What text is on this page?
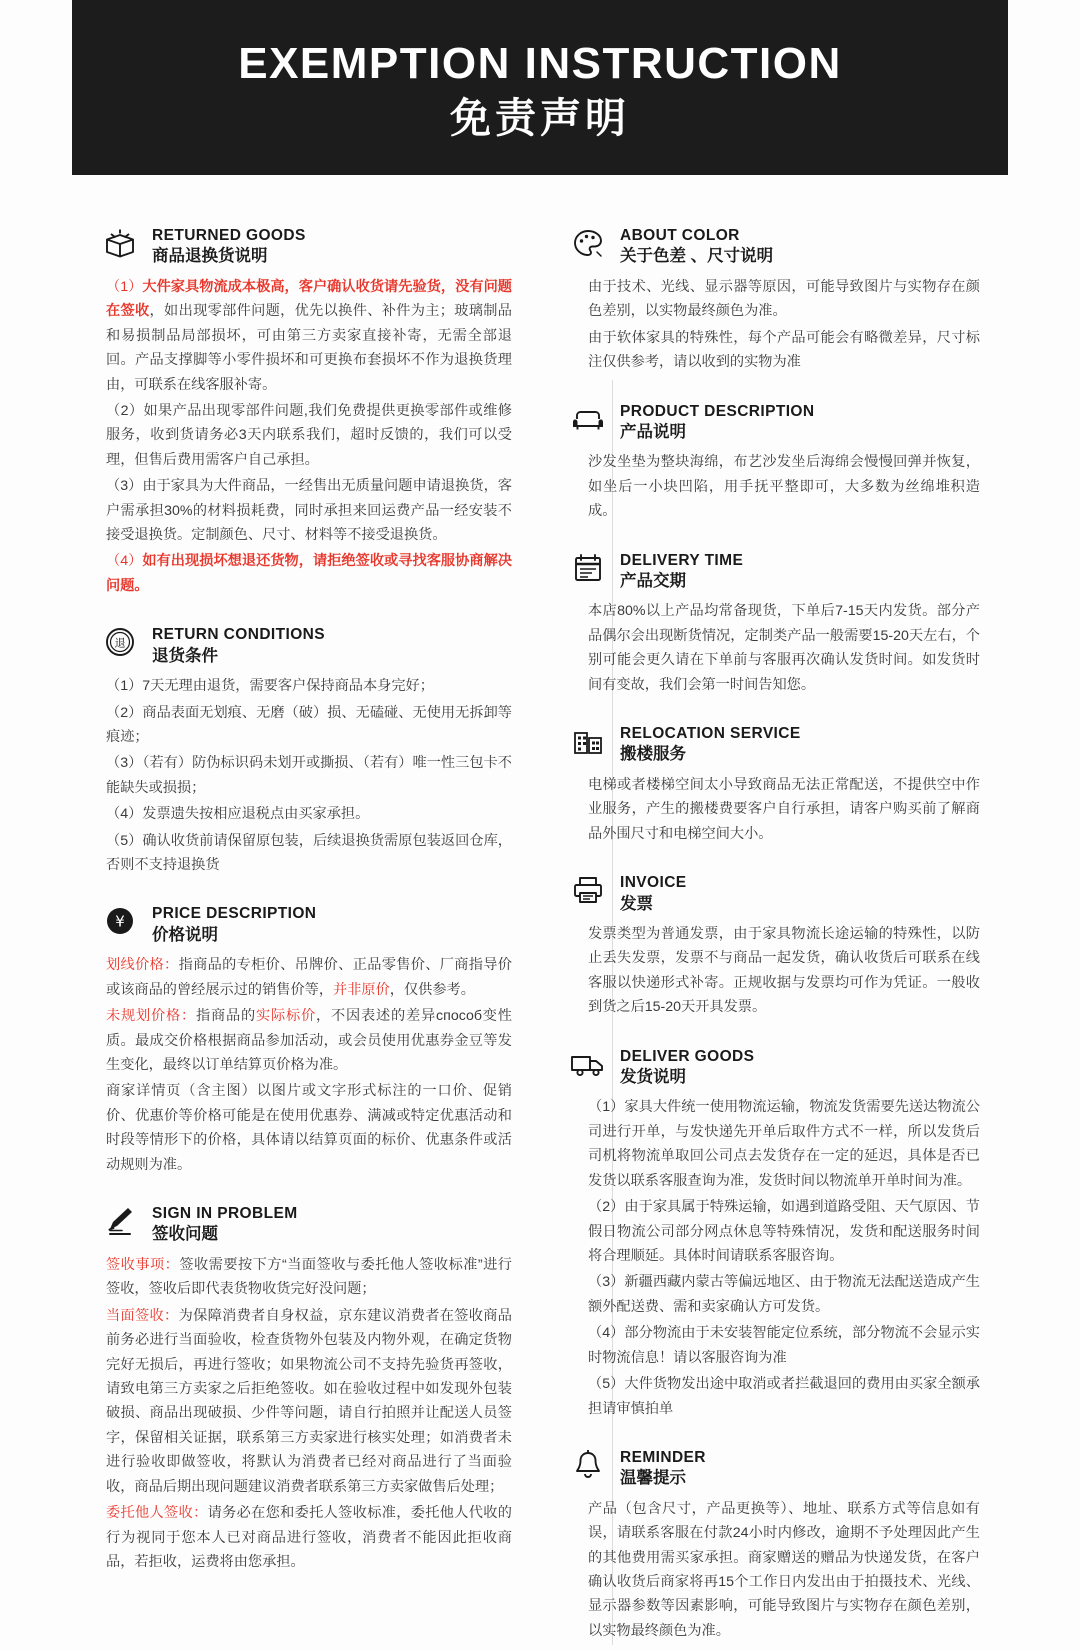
EXEMPTION INSTRUCTION
免责声明
RETURNED GOODS
商品退换货说明

（1）大件家具物流成本极高，客户确认收货请先验货，没有问题在签收，如出现零部件问题，优先以换件、补件为主；玻璃制品和易损制品局部损坏，可由第三方卖家直接补寄，无需全部退回。产品支撑脚等小零件损坏和可更换布套损坏不作为退换货理由，可联系在线客服补寄。

（2）如果产品出现零部件问题,我们免费提供更换零部件或维修服务，收到货请务必3天内联系我们，超时反馈的，我们可以受理，但售后费用需客户自己承担。

（3）由于家具为大件商品，一经售出无质量问题申请退换货，客户需承担30%的材料损耗费，同时承担来回运费产品一经安装不接受退换货。定制颜色、尺寸、材料等不接受退换货。

（4）如有出现损坏想退还货物，请拒绝签收或寻找客服协商解决问题。

退 RETURN CONDITIONS
退货条件

（1）7天无理由退货，需要客户保持商品本身完好；

（2）商品表面无划痕、无磨（破）损、无磕碰、无使用无拆卸等痕迹；

（3）（若有）防伪标识码未划开或撕损、（若有）唯一性三包卡不能缺失或损损；

（4）发票遗失按相应退税点由买家承担。

（5）确认收货前请保留原包装，后续退换货需原包装返回仓库，否则不支持退换货

¥ PRICE DESCRIPTION
价格说明

划线价格：指商品的专柜价、吊牌价、正品零售价、厂商指导价或该商品的曾经展示过的销售价等，并非原价，仅供参考。

未规划价格：指商品的实际标价，不因表述的差异способ变性质。最成交价格根据商品参加活动，或会员使用优惠券金豆等发生变化，最终以订单结算页价格为准。

商家详情页（含主图）以图片或文字形式标注的一口价、促销价、优惠价等价格可能是在使用优惠券、满减或特定优惠活动和时段等情形下的价格，具体请以结算页面的标价、优惠条件或活动规则为准。

SIGN IN PROBLEM
签收问题

签收事项：签收需要按下方“当面签收与委托他人签收标准”进行签收，签收后即代表货物收货完好没问题；

当面签收：为保障消费者自身权益，京东建议消费者在签收商品前务必进行当面验收，检查货物外包装及内物外观，在确定货物完好无损后，再进行签收；如果物流公司不支持先验货再签收，请致电第三方卖家之后拒绝签收。如在验收过程中如发现外包装破损、商品出现破损、少件等问题，请自行拍照并让配送人员签字，保留相关证据，联系第三方卖家进行核实处理；如消费者未进行验收即做签收，将默认为消费者已经对商品进行了当面验收，商品后期出现问题建议消费者联系第三方卖家做售后处理；

委托他人签收：请务必在您和委托人签收标准，委托他人代收的行为视同于您本人已对商品进行签收，消费者不能因此拒收商品，若拒收，运费将由您承担。

ABOUT COLOR
关于色差 、尺寸说明

由于技术、光线、显示器等原因，可能导致图片与实物存在颜色差别，以实物最终颜色为准。

由于软体家具的特殊性，每个产品可能会有略微差异，尺寸标注仅供参考，请以收到的实物为准

PRODUCT DESCRIPTION
产品说明

沙发坐垫为整块海绵，布艺沙发坐后海绵会慢慢回弹并恢复，如坐后一小块凹陷，用手抚平整即可，大多数为丝绵堆积造成。

DELIVERY TIME
产品交期

本店80%以上产品均常备现货，下单后7-15天内发货。部分产品偶尔会出现断货情况，定制类产品一般需要15-20天左右，个别可能会更久请在下单前与客服再次确认发货时间。如发货时间有变故，我们会第一时间告知您。

RELOCATION SERVICE
搬楼服务

电梯或者楼梯空间太小导致商品无法正常配送，不提供空中作业服务，产生的搬楼费要客户自行承担，请客户购买前了解商品外围尺寸和电梯空间大小。

INVOICE
发票

发票类型为普通发票，由于家具物流长途运输的特殊性，以防止丢失发票，发票不与商品一起发货，确认收货后可联系在线客服以快递形式补寄。正规收据与发票均可作为凭证。一般收到货之后15-20天开具发票。

DELIVER GOODS
发货说明

（1）家具大件统一使用物流运输，物流发货需要先送达物流公司进行开单，与发快递先开单后取件方式不一样，所以发货后司机将物流单取回公司点去发货存在一定的延迟，具体是否已发货以联系客服查询为准，发货时间以物流单开单时间为准。

（2）由于家具属于特殊运输，如遇到道路受阻、天气原因、节假日物流公司部分网点休息等特殊情况，发货和配送服务时间将合理顺延。具体时间请联系客服咨询。

（3）新疆西藏内蒙古等偏远地区、由于物流无法配送造成产生额外配送费、需和卖家确认方可发货。

（4）部分物流由于未安装智能定位系统，部分物流不会显示实时物流信息！请以客服咨询为准

（5）大件货物发出途中取消或者拦截退回的费用由买家全额承担请审慎拍单

REMINDER
温馨提示

产品（包含尺寸，产品更换等）、地址、联系方式等信息如有误，请联系客服在付款24小时内修改，逾期不予处理因此产生的其他费用需买家承担。商家赠送的赠品为快递发货，在客户确认收货后商家将再15个工作日内发出由于拍摄技术、光线、显示器参数等因素影响，可能导致图片与实物存在颜色差别，以实物最终颜色为准。
